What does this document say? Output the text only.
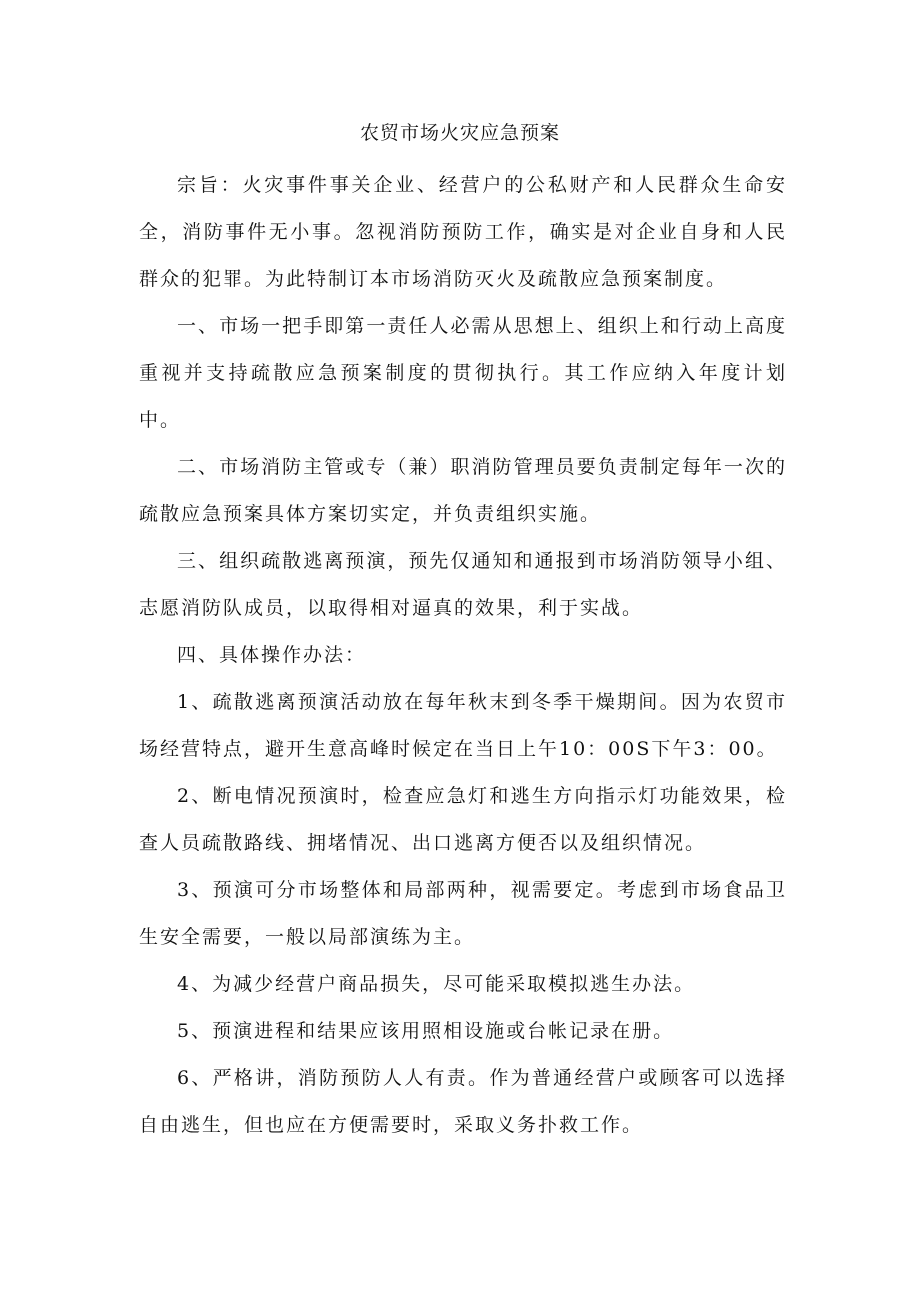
农贸市场火灾应急预案

宗旨：火灾事件事关企业、经营户的公私财产和人民群众生命安全，消防事件无小事。忽视消防预防工作，确实是对企业自身和人民群众的犯罪。为此特制订本市场消防灭火及疏散应急预案制度。

一、市场一把手即第一责任人必需从思想上、组织上和行动上高度重视并支持疏散应急预案制度的贯彻执行。其工作应纳入年度计划中。

二、市场消防主管或专（兼）职消防管理员要负责制定每年一次的疏散应急预案具体方案切实定，并负责组织实施。

三、组织疏散逃离预演，预先仅通知和通报到市场消防领导小组、志愿消防队成员，以取得相对逼真的效果，利于实战。

四、具体操作办法：

1、疏散逃离预演活动放在每年秋末到冬季干燥期间。因为农贸市场经营特点，避开生意高峰时候定在当日上午10：00S下午3：00。

2、断电情况预演时，检查应急灯和逃生方向指示灯功能效果，检查人员疏散路线、拥堵情况、出口逃离方便否以及组织情况。

3、预演可分市场整体和局部两种，视需要定。考虑到市场食品卫生安全需要，一般以局部演练为主。

4、为减少经营户商品损失，尽可能采取模拟逃生办法。

5、预演进程和结果应该用照相设施或台帐记录在册。

6、严格讲，消防预防人人有责。作为普通经营户或顾客可以选择自由逃生，但也应在方便需要时，采取义务扑救工作。
